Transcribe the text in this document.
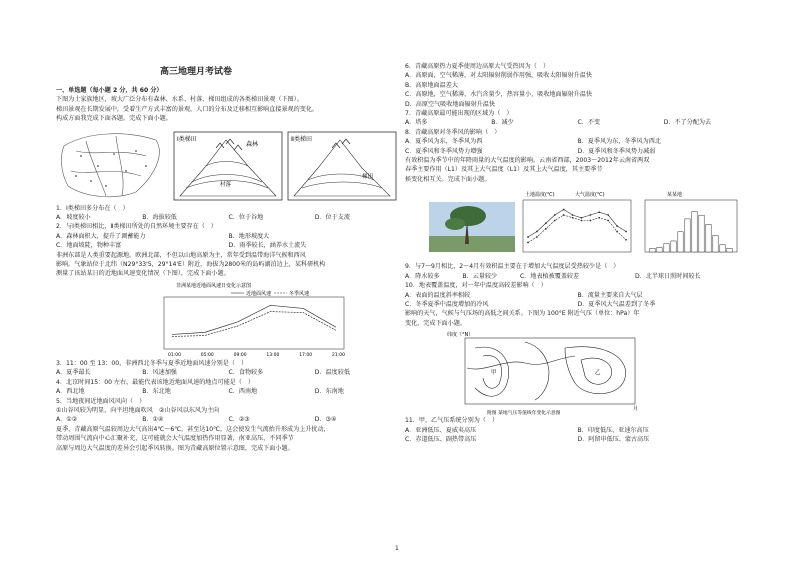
高三地理月考试卷

一、单选题（每小题 2 分，共 60 分）

下图为土家族地区，坡大广泛分布有森林、水系、村落、梯田组成的各类梯田景观（下图）。

梯田景观在长期发展中，受着生产方式丰富的景观，人口的分布及迁移相互影响直接景观的变化。

构成方面我完成下面各题。完成下面小题。

Ⅰ类梯田
森林
村落
Ⅱ类梯田
梯田

1．Ⅰ类梯田多分布在（　）

A．坡度较小	B．海拔较低	C．位于谷地	D．位于支流

2．与Ⅰ类梯田相比，Ⅱ类梯田所处的自然环境主要存在（　）

A．森林面积大，提升了调蓄能力	B．地形坡度大
C．地面坡陡，物种丰富	D．雨季较长，涵养水土流失

非洲东部是人类重要起源地。欧洲北部，不但以山地高原为主，常年受到温带海洋气候和西风

影响。气象站位于北纬（N29°33'5，29°14'E）附近，海拔为2800米的岛屿湖泊边上，某科研机构

测量了该站某日的近地面风速变化情况（下图），完成下面小题。

非洲某地近地面风速日变化示意图
近地面风速	冬季风速
01:00	05:00	09:00	13:00	17:00	21:00

3．11：00 至 13：00，非洲西北冬季与夏季近地面风速分别是（　）

A．夏季最长	B．风速加强	C．食物较多	D．温度较低

4．北京时间15：00 左右，最能代表该地近地面风速的地点可能是（　）

A．西北地	B．东北地	C．西南地	D．东南地

5．当地夜间近地面风风向（　）

①山谷风较为明显，向平坦地面吹风　②山谷风以东风为主向

A．①②	B．①④	C．②③	D．③④

夏季，青藏高原气温较周边大气高出4℃～6℃，甚至达10℃，这会使发生气流抬升形成为上升扰动，

带动周围气流向中心汇聚补充，这可能就会大气温度加热作用显著，南亚高压，不同季节

高原与周边大气温度的差异会引起季风转换。图为青藏高原位置示意图，完成下面小题。

6．青藏高原热力夏季使周边高原大气受热因为（　）

A．高原面，空气稀薄，对太阳辐射削弱作用强，吸收太阳辐射升温快

B．高原地面温差大

C．高原地，空气稀薄，水汽含量少，热容量小，吸收地面辐射升温快

D．高原空气吸收地面辐射升温快

7．青藏高原最可能出现的区域为（　）

A．塔多	B．减少	C．不变	D．不了分配为去

8．青藏高原对冬季风的影响（　）

A．夏季风为东，冬季风为西	B．夏季风为东，冬季风为西北
C．夏季风和冬季风势力增强	D．夏季风和冬季风势力减弱

有效积温为季节中的年降雨量的大气温度的影响。云南省西部，2003～2012年云南省两双

春季主要作用（L1）及其上大气温度（L1）及其上大气温度，其主要季节

候变化相互关。完成下面小题。

土地温度(℃)	大气温度(℃)	某某地

9．与7～9月相比，2～4月有效积温主要在于增加大气温度层受热较少是（　）

A．降水较多	B．云量较少	C．地表植被覆盖较差	D．北半球日照时间较长

10．地表覆盖温度，对一年中温度高较差影响（　）

A．表面的温度斜率相较	B．流量主要来自大气层
C．冬季夏季中温度增加的冷风	D．夏季风大气温差到了冬季

影响的天气，气候与气压场的高低之间关系。下图为 100°E 附近气压（单位：hPa）年

变化，完成下面小题。

纬度（°N）
甲	乙
月
附图 某地气压等值线年变化示意图

11．甲、乙气压系统分别为（　）

A．亚洲低压、夏威夷高压	B．印度低压、亚速尔高压
C．赤道低压、副热带高压	D．阿留申低压、蒙古高压
1
